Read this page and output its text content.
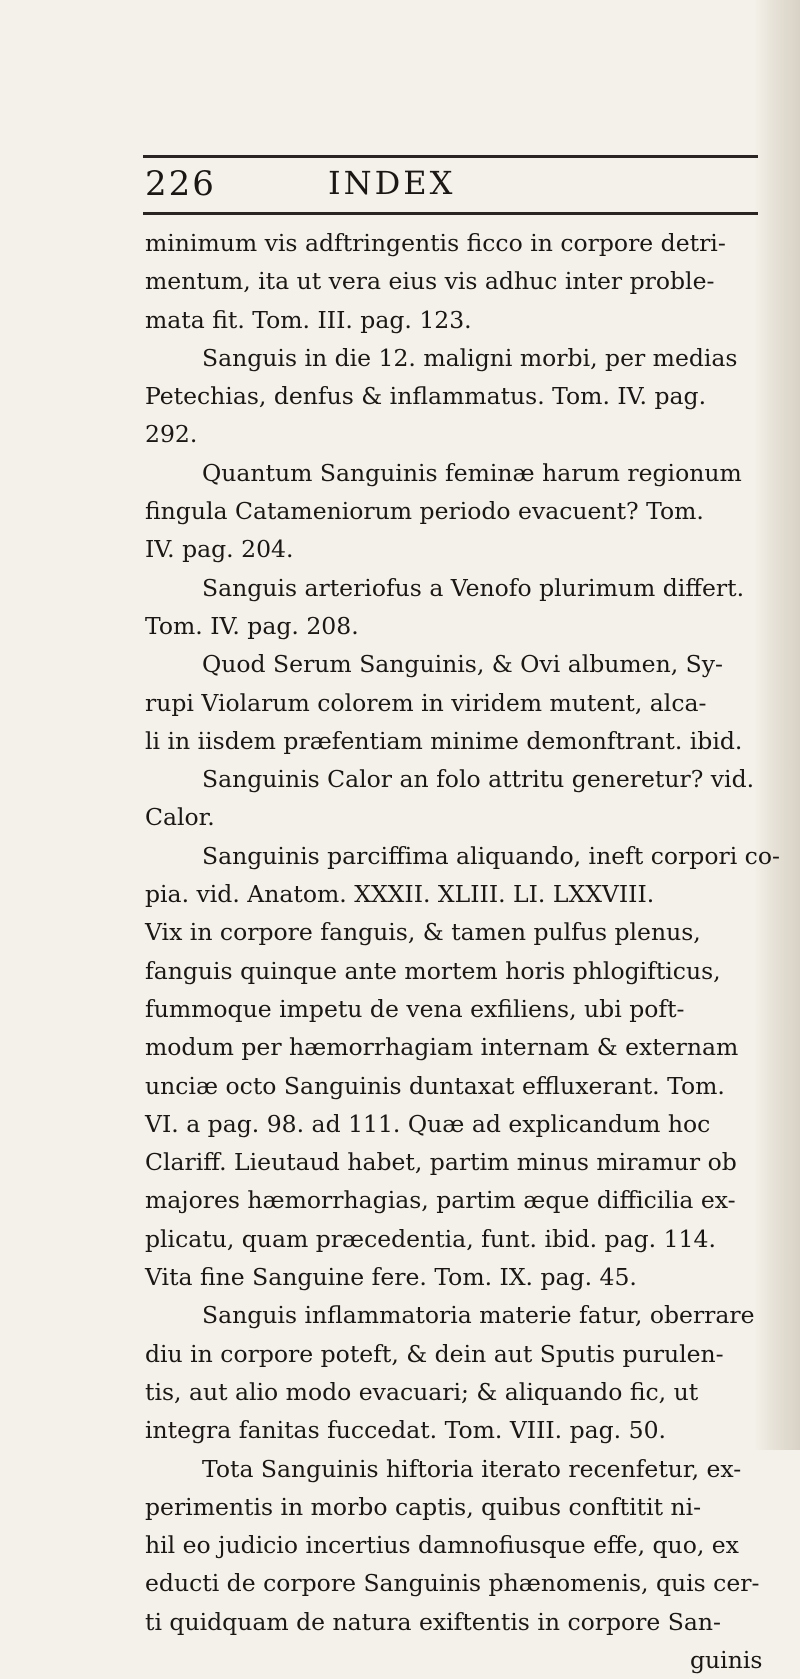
226	INDEX
minimum vis adftringentis ficco in corpore detri-
mentum, ita ut vera eius vis adhuc inter proble-
mata fit. Tom. III. pag. 123.
Sanguis in die 12. maligni morbi, per medias
Petechias, denfus & inflammatus. Tom. IV. pag.
292.
Quantum Sanguinis feminæ harum regionum
fingula Catameniorum periodo evacuent? Tom.
IV. pag. 204.
Sanguis arteriofus a Venofo plurimum differt.
Tom. IV. pag. 208.
Quod Serum Sanguinis, & Ovi albumen, Sy-
rupi Violarum colorem in viridem mutent, alca-
li in iisdem præfentiam minime demonftrant. ibid.
Sanguinis Calor an folo attritu generetur? vid.
Calor.
Sanguinis parciffima aliquando, ineft corpori co-
pia. vid. Anatom. XXXII. XLIII. LI. LXXVIII.
Vix in corpore fanguis, & tamen pulfus plenus,
fanguis quinque ante mortem horis phlogifticus,
fummoque impetu de vena exfiliens, ubi poft-
modum per hæmorrhagiam internam & externam
unciæ octo Sanguinis duntaxat effluxerant. Tom.
VI. a pag. 98. ad 111. Quæ ad explicandum hoc
Clariff. Lieutaud habet, partim minus miramur ob
majores hæmorrhagias, partim æque difficilia ex-
plicatu, quam præcedentia, funt. ibid. pag. 114.
Vita fine Sanguine fere. Tom. IX. pag. 45.
Sanguis inflammatoria materie fatur, oberrare
diu in corpore poteft, & dein aut Sputis purulen-
tis, aut alio modo evacuari; & aliquando fic, ut
integra fanitas fuccedat. Tom. VIII. pag. 50.
Tota Sanguinis hiftoria iterato recenfetur, ex-
perimentis in morbo captis, quibus conftitit ni-
hil eo judicio incertius damnofiusque effe, quo, ex
educti de corpore Sanguinis phænomenis, quis cer-
ti quidquam de natura exiftentis in corpore San-
guinis
